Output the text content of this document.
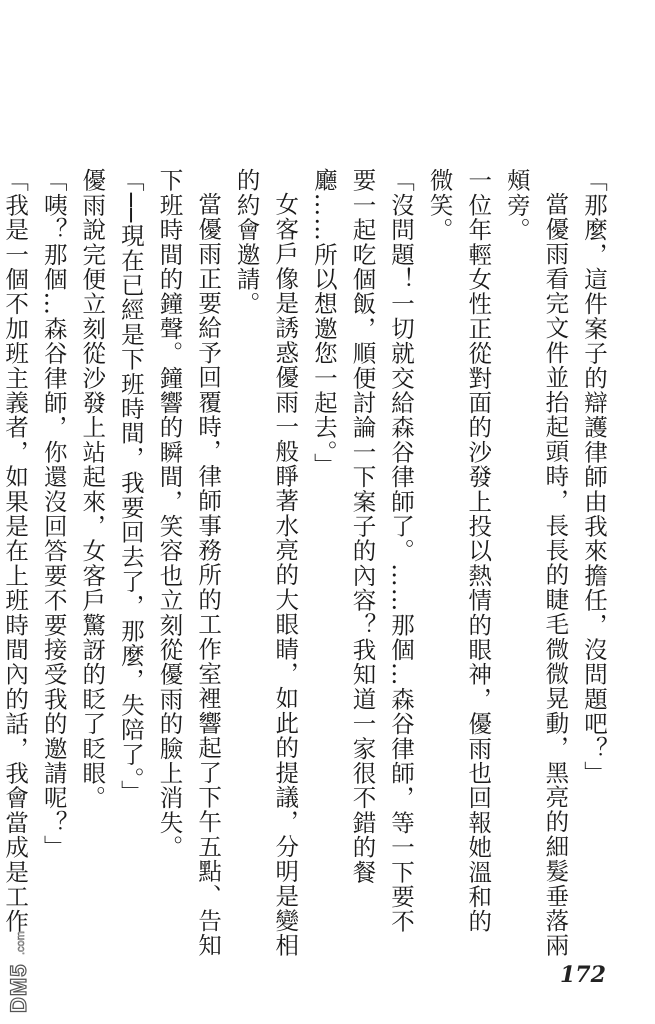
「那麼，這件案子的辯護律師由我來擔任，沒問題吧？」

當優雨看完文件並抬起頭時，長長的睫毛微微晃動，黑亮的細髮垂落兩頰旁。

一位年輕女性正從對面的沙發上投以熱情的眼神，優雨也回報她溫和的微笑。

「沒問題！一切就交給森谷律師了。……那個…森谷律師，等一下要不要一起吃個飯，順便討論一下案子的內容？我知道一家很不錯的餐廳……所以想邀您一起去。」

女客戶像是誘惑優雨一般睜著水亮的大眼睛，如此的提議，分明是變相的約會邀請。

當優雨正要給予回覆時，律師事務所的工作室裡響起了下午五點、告知下班時間的鐘聲。鐘響的瞬間，笑容也立刻從優雨的臉上消失。

「──現在已經是下班時間，我要回去了，那麼，失陪了。」

優雨說完便立刻從沙發上站起來，女客戶驚訝的眨了眨眼。

「咦？那個…森谷律師，你還沒回答要不要接受我的邀請呢？」

「我是一個不加班主義者，如果是在上班時間內的話，我會當成是工作

172
DM5
.com
